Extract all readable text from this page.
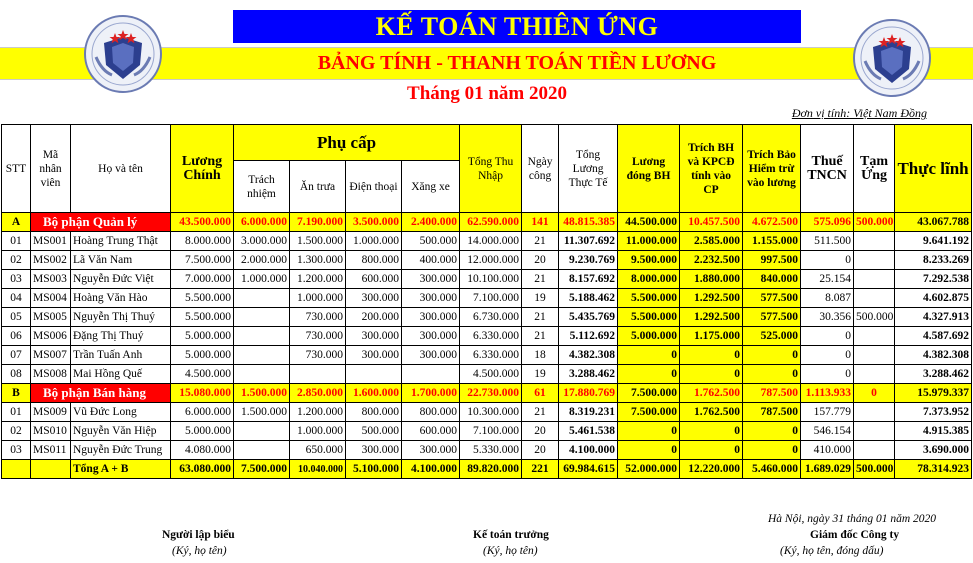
KẾ TOÁN THIÊN ỨNG
BẢNG TÍNH - THANH TOÁN TIỀN LƯƠNG
Tháng 01 năm 2020
Đơn vị tính: Việt Nam Đồng
STT	Mã nhân viên	Họ và tên	Lương Chính	Phụ cấp				Tổng Thu Nhập	Ngày công	Tổng Lương Thực Tế	Lương đóng BH	Trích BH và KPCĐ tính vào CP	Trích Bảo Hiểm trừ vào lương	Thuế TNCN	Tạm Ứng	Thực lĩnh
				Trách nhiệm	Ăn trưa	Điện thoại	Xăng xe									
A	Bộ phận Quản lý		43.500.000	6.000.000	7.190.000	3.500.000	2.400.000	62.590.000	141	48.815.385	44.500.000	10.457.500	4.672.500	575.096	500.000	43.067.788
01	MS001	Hoàng Trung Thật	8.000.000	3.000.000	1.500.000	1.000.000	500.000	14.000.000	21	11.307.692	11.000.000	2.585.000	1.155.000	511.500		9.641.192
02	MS002	Lã Văn Nam	7.500.000	2.000.000	1.300.000	800.000	400.000	12.000.000	20	9.230.769	9.500.000	2.232.500	997.500	0		8.233.269
03	MS003	Nguyễn Đức Việt	7.000.000	1.000.000	1.200.000	600.000	300.000	10.100.000	21	8.157.692	8.000.000	1.880.000	840.000	25.154		7.292.538
04	MS004	Hoàng Văn Hào	5.500.000		1.000.000	300.000	300.000	7.100.000	19	5.188.462	5.500.000	1.292.500	577.500	8.087		4.602.875
05	MS005	Nguyễn Thị Thuý	5.500.000		730.000	200.000	300.000	6.730.000	21	5.435.769	5.500.000	1.292.500	577.500	30.356	500.000	4.327.913
06	MS006	Đặng Thị Thuý	5.000.000		730.000	300.000	300.000	6.330.000	21	5.112.692	5.000.000	1.175.000	525.000	0		4.587.692
07	MS007	Trần Tuấn Anh	5.000.000		730.000	300.000	300.000	6.330.000	18	4.382.308	0	0	0	0		4.382.308
08	MS008	Mai Hồng Quế	4.500.000					4.500.000	19	3.288.462	0	0	0	0		3.288.462
B	Bộ phận Bán hàng		15.080.000	1.500.000	2.850.000	1.600.000	1.700.000	22.730.000	61	17.880.769	7.500.000	1.762.500	787.500	1.113.933	0	15.979.337
01	MS009	Vũ Đức Long	6.000.000	1.500.000	1.200.000	800.000	800.000	10.300.000	21	8.319.231	7.500.000	1.762.500	787.500	157.779		7.373.952
02	MS010	Nguyễn Văn Hiệp	5.000.000		1.000.000	500.000	600.000	7.100.000	20	5.461.538	0	0	0	546.154		4.915.385
03	MS011	Nguyễn Đức Trung	4.080.000		650.000	300.000	300.000	5.330.000	20	4.100.000	0	0	0	410.000		3.690.000
		Tổng A + B	63.080.000	7.500.000	10.040.000	5.100.000	4.100.000	89.820.000	221	69.984.615	52.000.000	12.220.000	5.460.000	1.689.029	500.000	78.314.923
Hà Nội, ngày 31 tháng 01 năm 2020
Người lập biểu
(Ký, họ tên)
Kế toán trưởng
(Ký, họ tên)
Giám đốc Công ty
(Ký, họ tên, đóng dấu)
